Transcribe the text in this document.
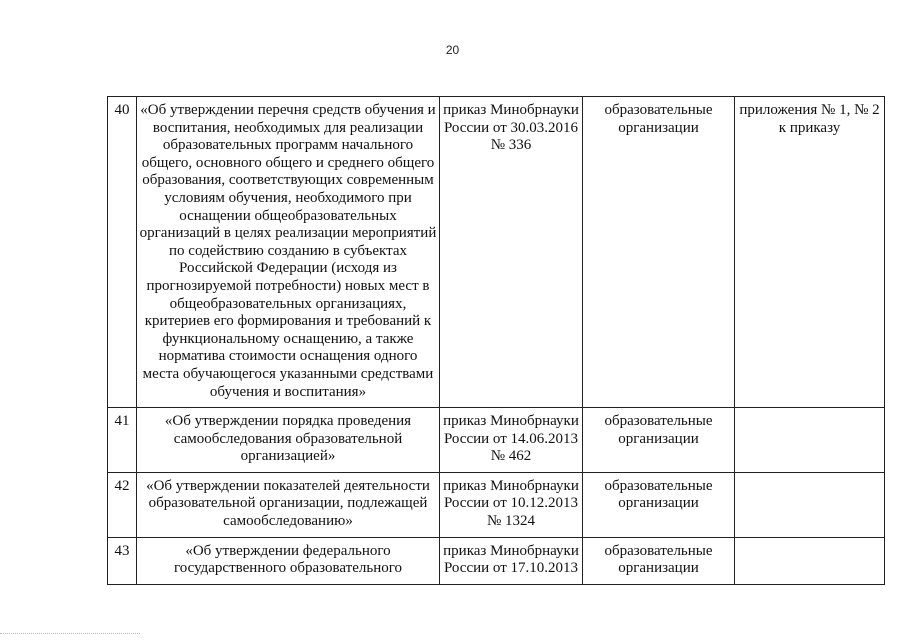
20
40	«Об утверждении перечня средств обучения и воспитания, необходимых для реализации образовательных программ начального общего, основного общего и среднего общего образования, соответствующих современным условиям обучения, необходимого при оснащении общеобразовательных организаций в целях реализации мероприятий по содействию созданию в субъектах Российской Федерации (исходя из прогнозируемой потребности) новых мест в общеобразовательных организациях, критериев его формирования и требований к функциональному оснащению, а также норматива стоимости оснащения одного места обучающегося указанными средствами обучения и воспитания»	приказ Минобрнауки России от 30.03.2016 № 336	образовательные организации	приложения № 1, № 2 к приказу
41	«Об утверждении порядка проведения самообследования образовательной организацией»	приказ Минобрнауки России от 14.06.2013 № 462	образовательные организации	
42	«Об утверждении показателей деятельности образовательной организации, подлежащей самообследованию»	приказ Минобрнауки России от 10.12.2013 № 1324	образовательные организации	

43	«Об утверждении федерального государственного образовательного	приказ Минобрнауки России от 17.10.2013	образовательные организации	
